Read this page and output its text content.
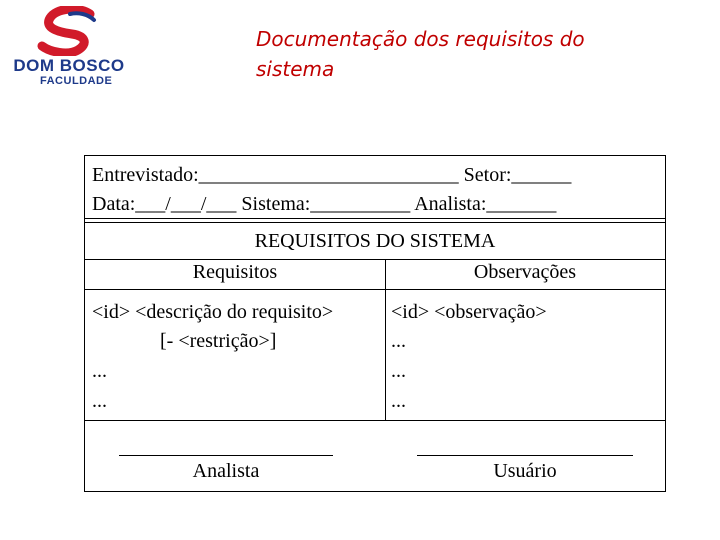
DOM BOSCO
FACULDADE
Documentação dos requisitos do
sistema
Entrevistado:__________________________ Setor:______
Data:___/___/___ Sistema:__________ Analista:_______
REQUISITOS DO SISTEMA
Requisitos	Observações
<id> <descrição do requisito>
[- <restrição>]
...
...
<id> <observação>
...
...
...
Analista	Usuário
